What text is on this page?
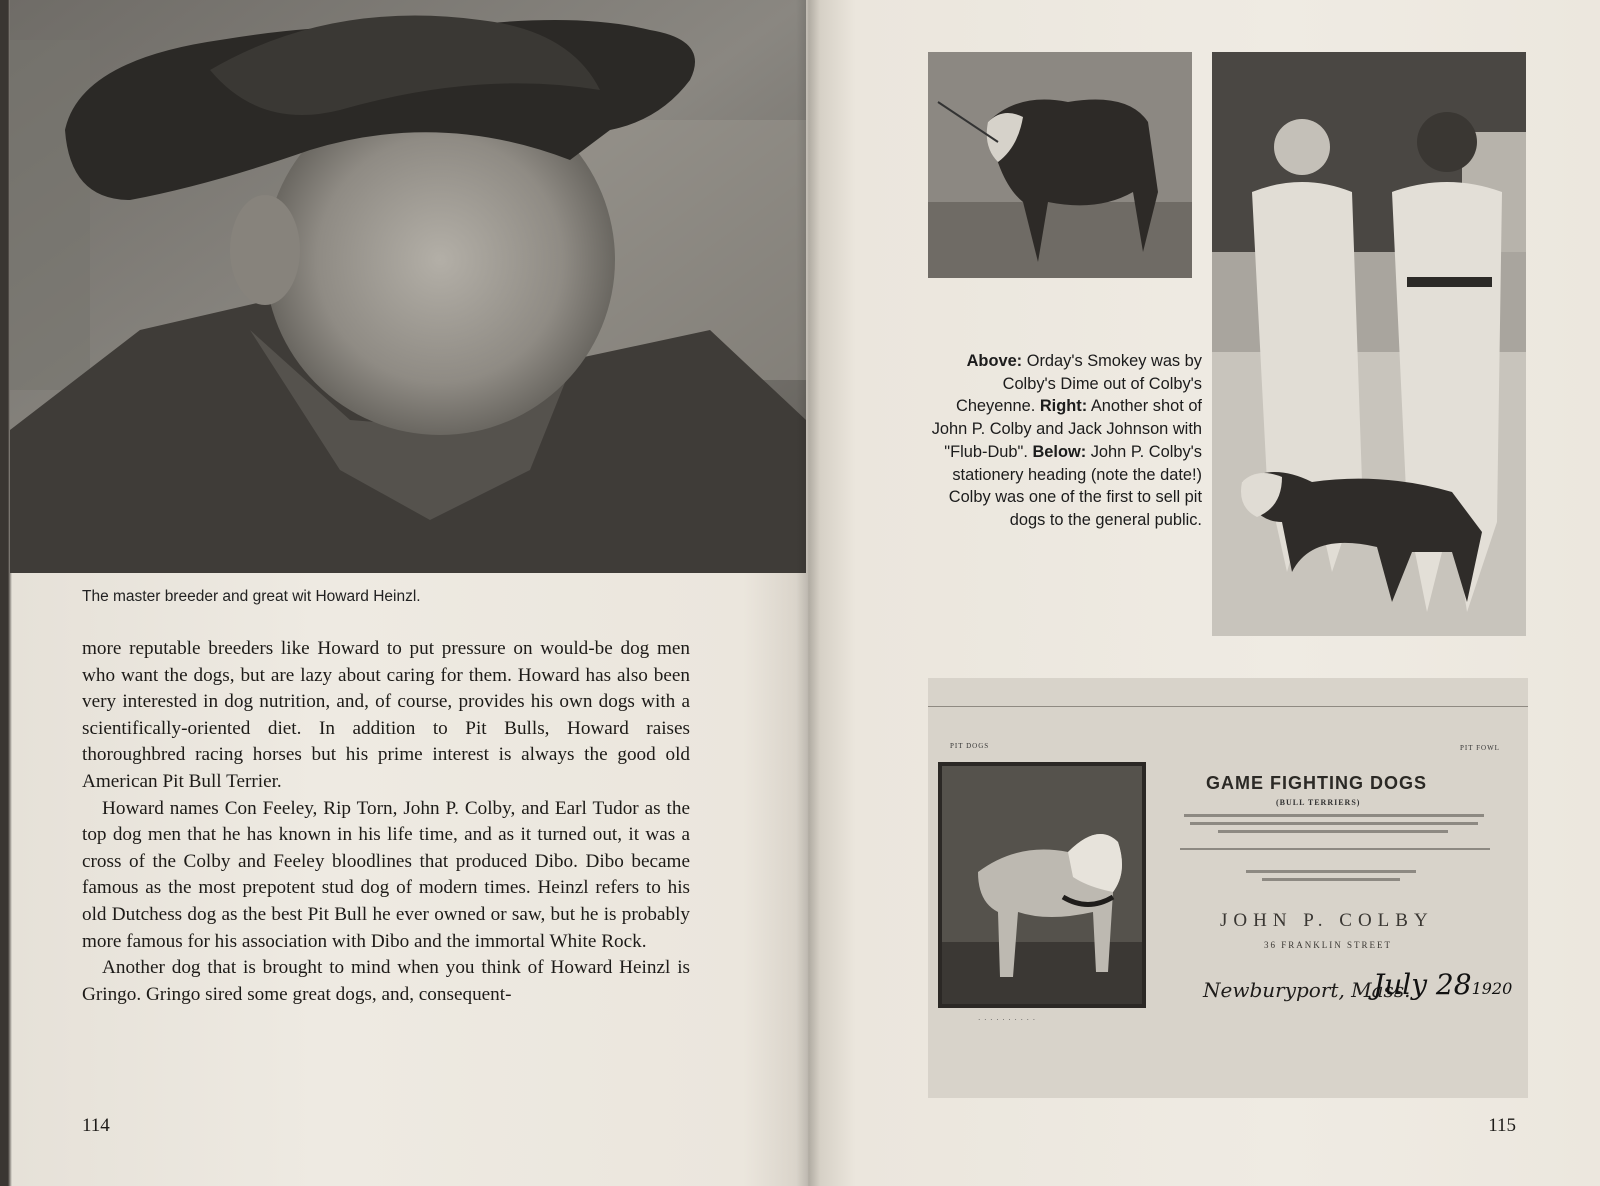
The master breeder and great wit Howard Heinzl.

more reputable breeders like Howard to put pressure on would-be dog men who want the dogs, but are lazy about caring for them. Howard has also been very interested in dog nutrition, and, of course, provides his own dogs with a scientifically-oriented diet. In addition to Pit Bulls, Howard raises thoroughbred racing horses but his prime interest is always the good old American Pit Bull Terrier.

Howard names Con Feeley, Rip Torn, John P. Colby, and Earl Tudor as the top dog men that he has known in his life time, and as it turned out, it was a cross of the Colby and Feeley bloodlines that produced Dibo. Dibo became famous as the most prepotent stud dog of modern times. Heinzl refers to his old Dutchess dog as the best Pit Bull he ever owned or saw, but he is probably more famous for his association with Dibo and the immortal White Rock.

Another dog that is brought to mind when you think of Howard Heinzl is Gringo. Gringo sired some great dogs, and, consequent-

114
Above: Orday's Smokey was by Colby's Dime out of Colby's Cheyenne. Right: Another shot of John P. Colby and Jack Johnson with "Flub-Dub". Below: John P. Colby's stationery heading (note the date!) Colby was one of the first to sell pit dogs to the general public.
PIT DOGS	PIT FOWL
· · · · · · · · · ·
GAME FIGHTING DOGS
(BULL TERRIERS)
JOHN P. COLBY
36 FRANKLIN STREET
Newburyport, Mass.
July 281920
115
